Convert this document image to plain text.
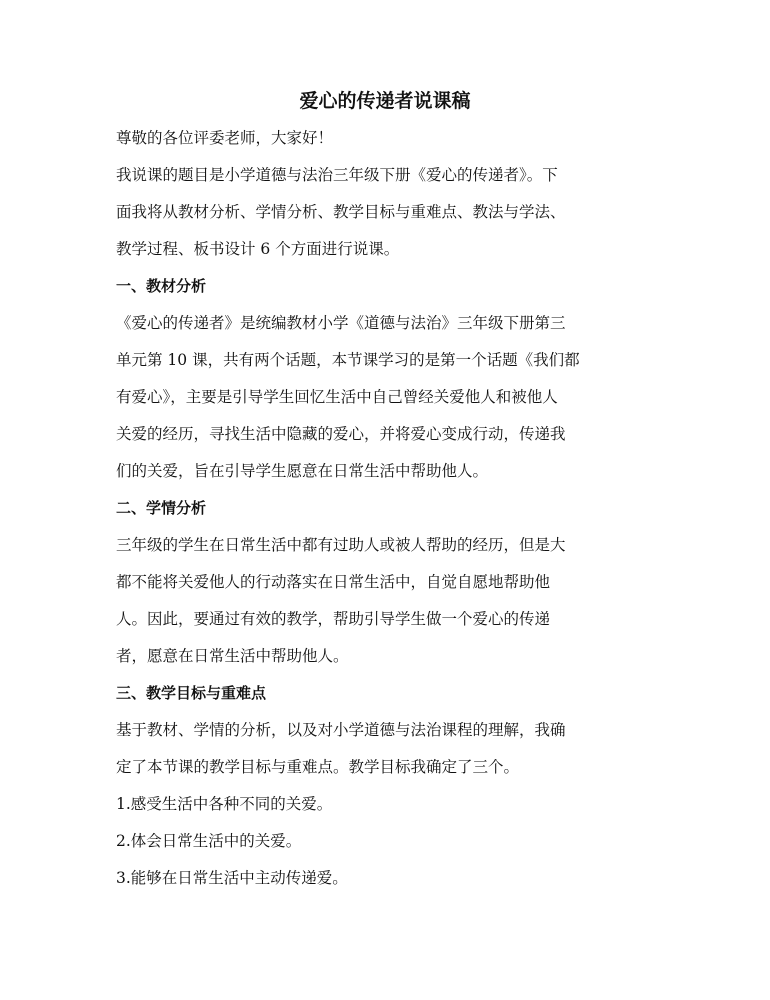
爱心的传递者说课稿
尊敬的各位评委老师，大家好！
我说课的题目是小学道德与法治三年级下册《爱心的传递者》。下
面我将从教材分析、学情分析、教学目标与重难点、教法与学法、
教学过程、板书设计 6 个方面进行说课。
一、教材分析
《爱心的传递者》是统编教材小学《道德与法治》三年级下册第三
单元第 10 课，共有两个话题，本节课学习的是第一个话题《我们都
有爱心》，主要是引导学生回忆生活中自己曾经关爱他人和被他人
关爱的经历，寻找生活中隐藏的爱心，并将爱心变成行动，传递我
们的关爱，旨在引导学生愿意在日常生活中帮助他人。
二、学情分析
三年级的学生在日常生活中都有过助人或被人帮助的经历，但是大
都不能将关爱他人的行动落实在日常生活中，自觉自愿地帮助他
人。因此，要通过有效的教学，帮助引导学生做一个爱心的传递
者，愿意在日常生活中帮助他人。
三、教学目标与重难点
基于教材、学情的分析，以及对小学道德与法治课程的理解，我确
定了本节课的教学目标与重难点。教学目标我确定了三个。
1.感受生活中各种不同的关爱。
2.体会日常生活中的关爱。
3.能够在日常生活中主动传递爱。
